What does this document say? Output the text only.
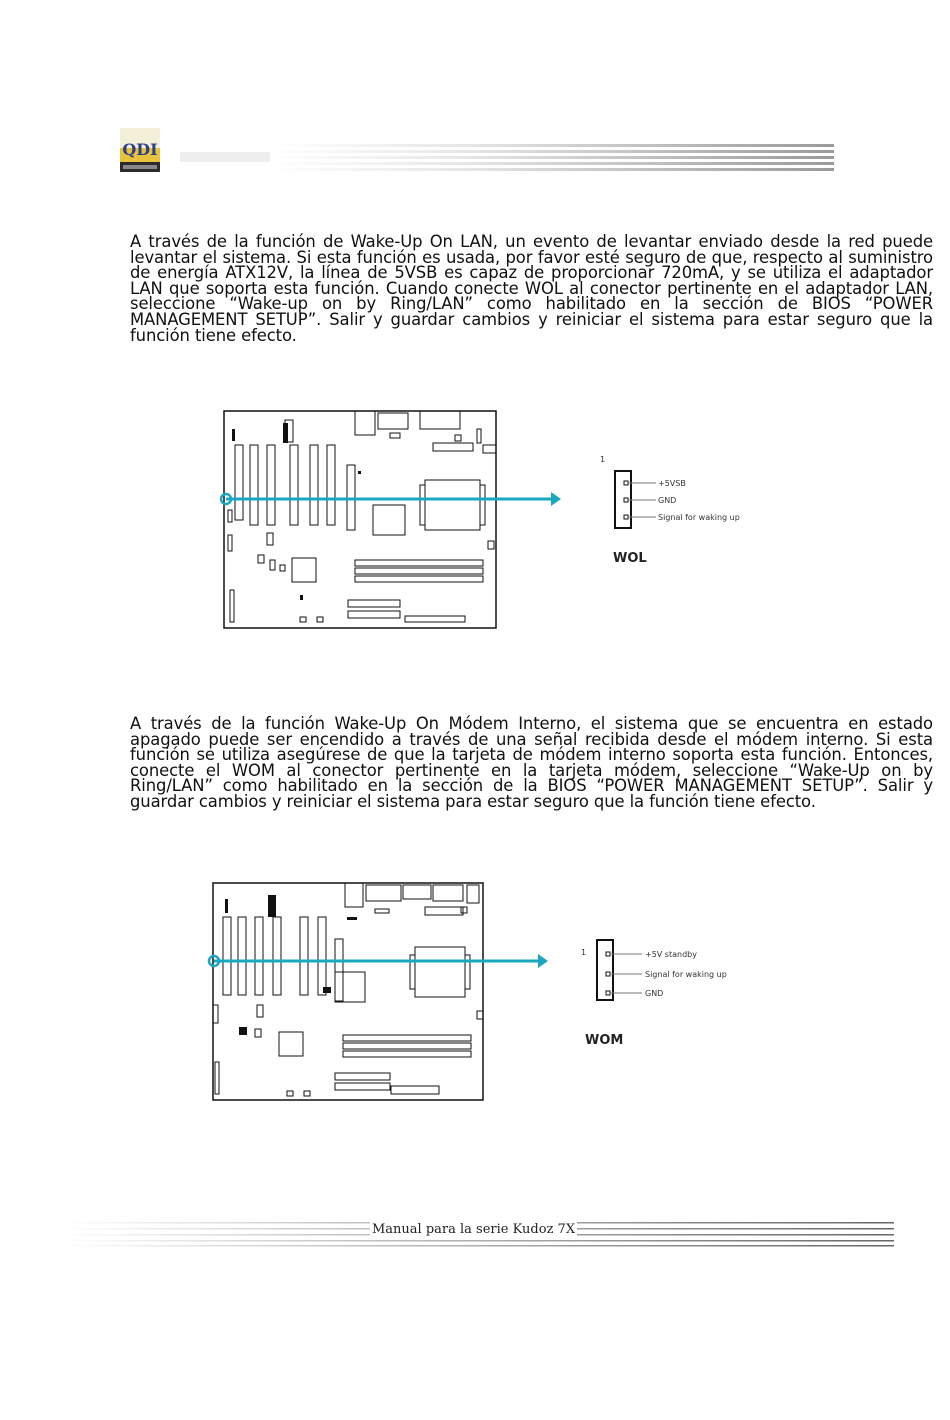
QDI

A través de la función de Wake-Up On LAN, un evento de levantar enviado desde la red puede levantar el sistema. Si esta función es usada, por favor esté seguro de que, respecto al suministro de energía ATX12V, la línea de 5VSB es capaz de proporcionar 720mA, y se utiliza el adaptador LAN que soporta esta función. Cuando conecte WOL al conector pertinente en el adaptador LAN, seleccione “Wake-up on by Ring/LAN” como habilitado en la sección de BIOS “POWER MANAGEMENT SETUP”. Salir y guardar cambios y reiniciar el sistema para estar seguro que la función tiene efecto.

1
+5VSB
GND
Signal for waking up
WOL

A través de la función Wake-Up On Módem Interno, el sistema que se encuentra en estado apagado puede ser encendido a través de una señal recibida desde el módem interno. Si esta función se utiliza asegúrese de que la tarjeta de módem interno soporta esta función. Entonces, conecte el WOM al conector pertinente en la tarjeta módem, seleccione “Wake-Up on by Ring/LAN” como habilitado en la sección de la BIOS “POWER MANAGEMENT SETUP”. Salir y guardar cambios y reiniciar el sistema para estar seguro que la función tiene efecto.

1	+5V standby
Signal for waking up
GND
WOM
Manual para la serie Kudoz 7X
